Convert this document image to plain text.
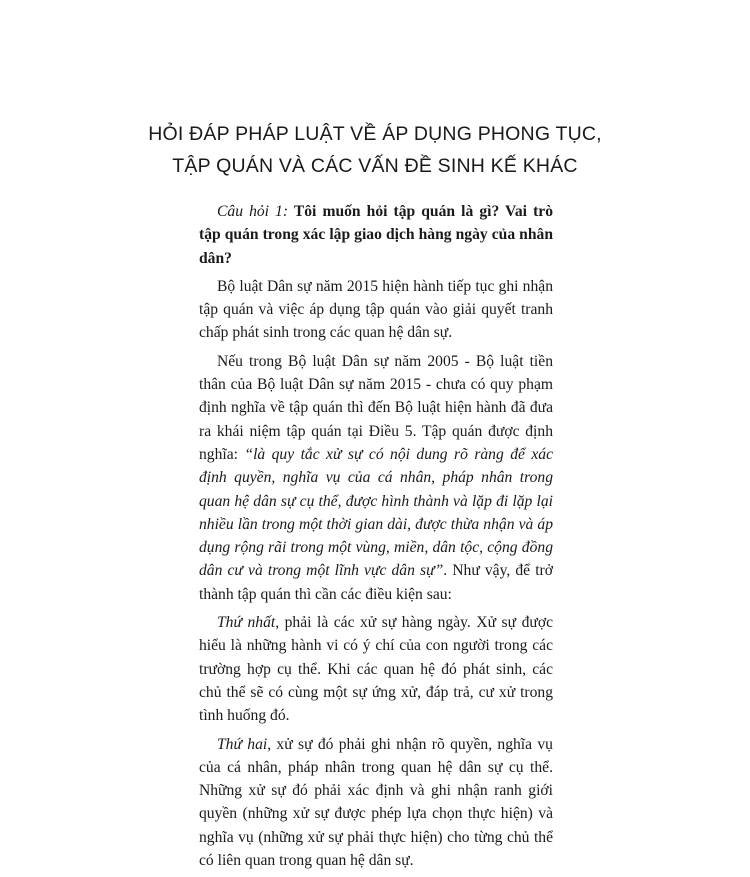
HỎI ĐÁP PHÁP LUẬT VỀ ÁP DỤNG PHONG TỤC,
TẬP QUÁN VÀ CÁC VẤN ĐỀ SINH KẾ KHÁC

Câu hỏi 1: Tôi muốn hỏi tập quán là gì? Vai trò tập quán trong xác lập giao dịch hàng ngày của nhân dân?

Bộ luật Dân sự năm 2015 hiện hành tiếp tục ghi nhận tập quán và việc áp dụng tập quán vào giải quyết tranh chấp phát sinh trong các quan hệ dân sự.

Nếu trong Bộ luật Dân sự năm 2005 - Bộ luật tiền thân của Bộ luật Dân sự năm 2015 - chưa có quy phạm định nghĩa về tập quán thì đến Bộ luật hiện hành đã đưa ra khái niệm tập quán tại Điều 5. Tập quán được định nghĩa: “là quy tắc xử sự có nội dung rõ ràng để xác định quyền, nghĩa vụ của cá nhân, pháp nhân trong quan hệ dân sự cụ thể, được hình thành và lặp đi lặp lại nhiều lần trong một thời gian dài, được thừa nhận và áp dụng rộng rãi trong một vùng, miền, dân tộc, cộng đồng dân cư và trong một lĩnh vực dân sự”. Như vậy, để trở thành tập quán thì cần các điều kiện sau:

Thứ nhất, phải là các xử sự hàng ngày. Xử sự được hiểu là những hành vi có ý chí của con người trong các trường hợp cụ thể. Khi các quan hệ đó phát sinh, các chủ thể sẽ có cùng một sự ứng xử, đáp trả, cư xử trong tình huống đó.

Thứ hai, xử sự đó phải ghi nhận rõ quyền, nghĩa vụ của cá nhân, pháp nhân trong quan hệ dân sự cụ thể. Những xử sự đó phải xác định và ghi nhận ranh giới quyền (những xử sự được phép lựa chọn thực hiện) và nghĩa vụ (những xử sự phải thực hiện) cho từng chủ thể có liên quan trong quan hệ dân sự.
